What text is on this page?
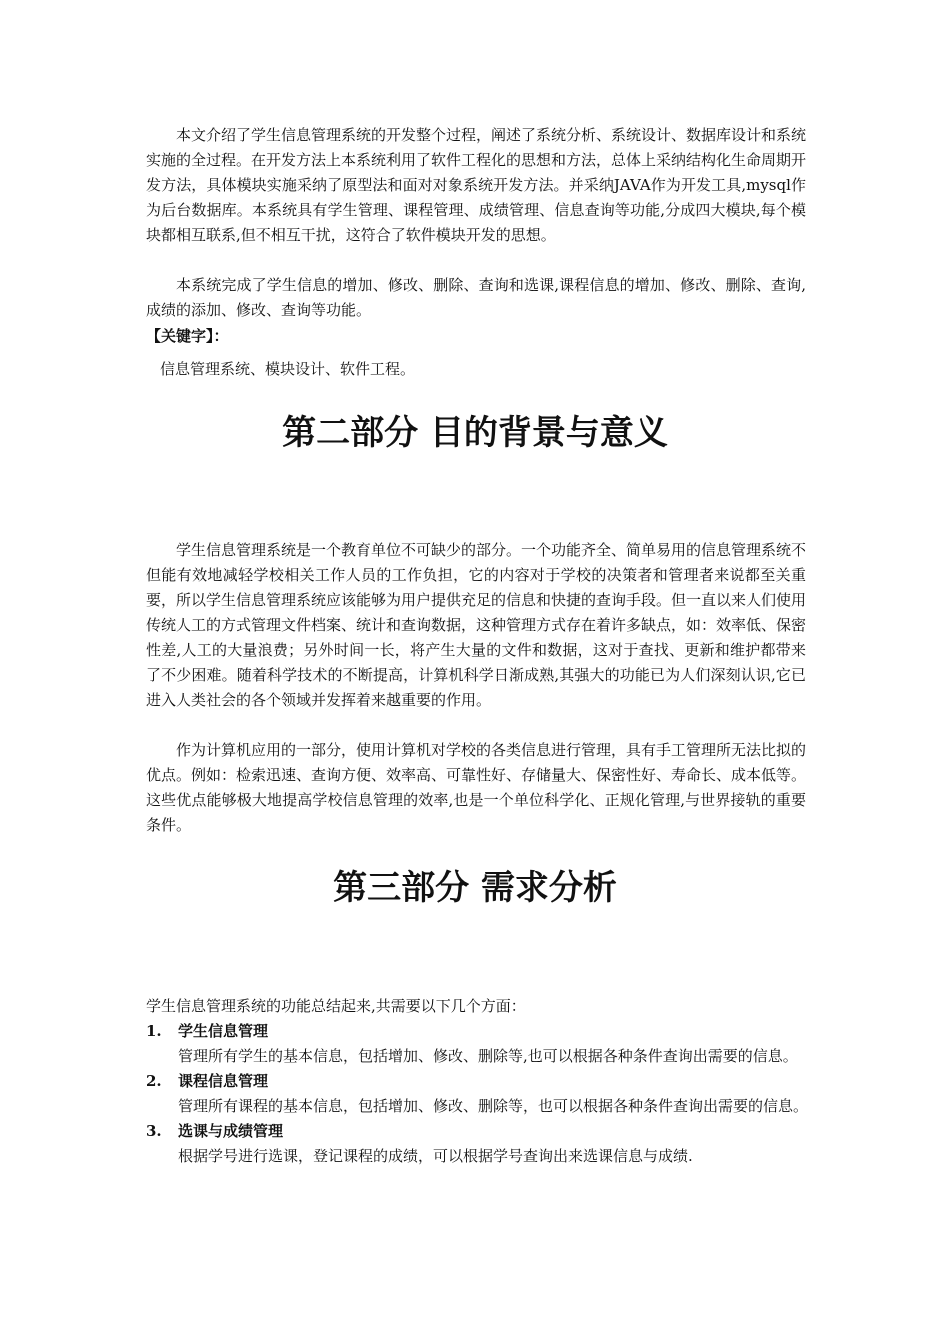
本文介绍了学生信息管理系统的开发整个过程，阐述了系统分析、系统设计、数据库设计和系统实施的全过程。在开发方法上本系统利用了软件工程化的思想和方法，总体上采纳结构化生命周期开发方法，具体模块实施采纳了原型法和面对对象系统开发方法。并采纳JAVA作为开发工具,mysql作为后台数据库。本系统具有学生管理、课程管理、成绩管理、信息查询等功能,分成四大模块,每个模块都相互联系,但不相互干扰，这符合了软件模块开发的思想。

本系统完成了学生信息的增加、修改、删除、查询和选课,课程信息的增加、修改、删除、查询,成绩的添加、修改、查询等功能。

【关键字】：
信息管理系统、模块设计、软件工程。
第二部分 目的背景与意义

学生信息管理系统是一个教育单位不可缺少的部分。一个功能齐全、简单易用的信息管理系统不但能有效地减轻学校相关工作人员的工作负担，它的内容对于学校的决策者和管理者来说都至关重要，所以学生信息管理系统应该能够为用户提供充足的信息和快捷的查询手段。但一直以来人们使用传统人工的方式管理文件档案、统计和查询数据，这种管理方式存在着许多缺点，如：效率低、保密性差,人工的大量浪费；另外时间一长，将产生大量的文件和数据，这对于查找、更新和维护都带来了不少困难。随着科学技术的不断提高，计算机科学日渐成熟,其强大的功能已为人们深刻认识,它已进入人类社会的各个领域并发挥着来越重要的作用。

作为计算机应用的一部分，使用计算机对学校的各类信息进行管理，具有手工管理所无法比拟的优点。例如：检索迅速、查询方便、效率高、可靠性好、存储量大、保密性好、寿命长、成本低等。这些优点能够极大地提高学校信息管理的效率,也是一个单位科学化、正规化管理,与世界接轨的重要条件。

第三部分 需求分析
学生信息管理系统的功能总结起来,共需要以下几个方面：
1. 学生信息管理

管理所有学生的基本信息，包括增加、修改、删除等,也可以根据各种条件查询出需要的信息。

2. 课程信息管理

管理所有课程的基本信息，包括增加、修改、删除等，也可以根据各种条件查询出需要的信息。

3. 选课与成绩管理

根据学号进行选课，登记课程的成绩，可以根据学号查询出来选课信息与成绩.
